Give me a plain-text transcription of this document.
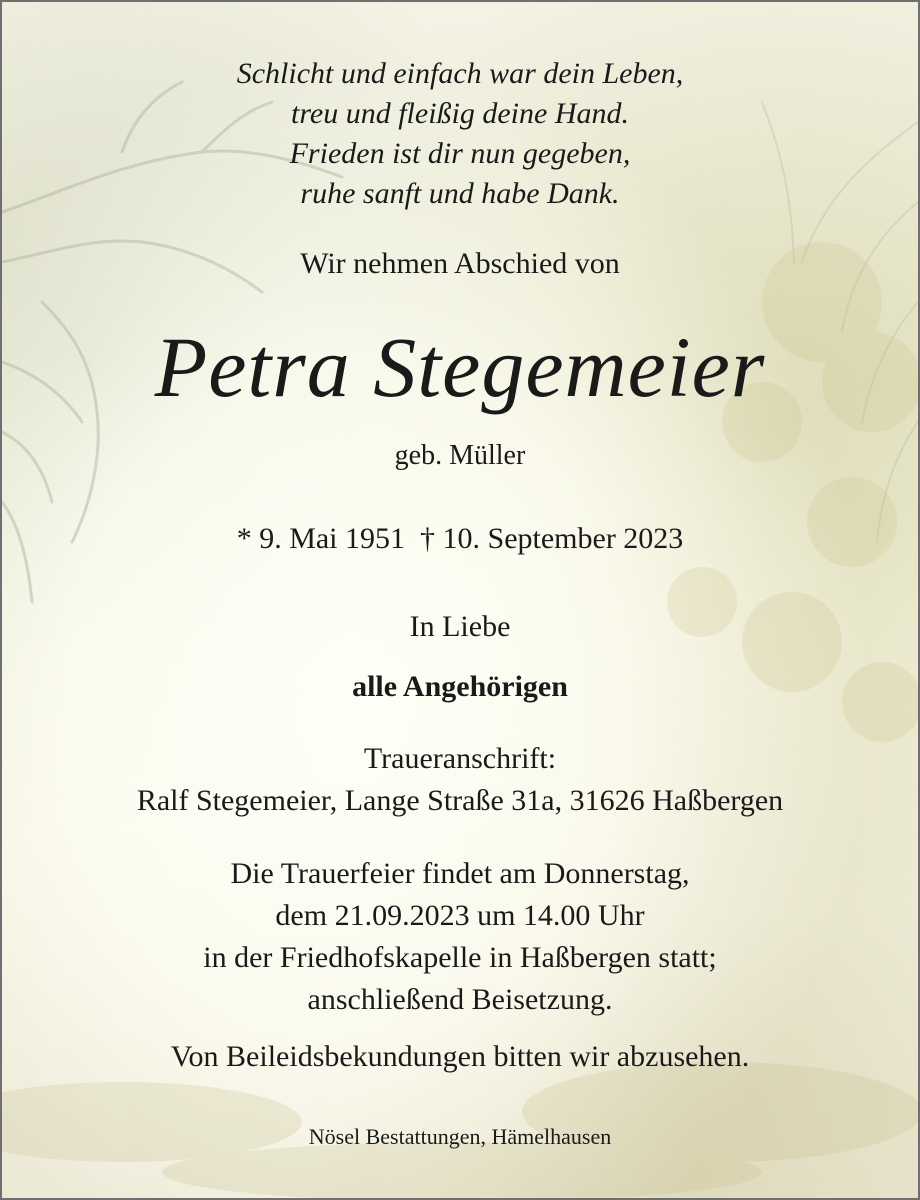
Schlicht und einfach war dein Leben,
treu und fleißig deine Hand.
Frieden ist dir nun gegeben,
ruhe sanft und habe Dank.
Wir nehmen Abschied von
Petra Stegemeier
geb. Müller
* 9. Mai 1951  † 10. September 2023
In Liebe
alle Angehörigen
Traueranschrift:
Ralf Stegemeier, Lange Straße 31a, 31626 Haßbergen
Die Trauerfeier findet am Donnerstag,
dem 21.09.2023 um 14.00 Uhr
in der Friedhofskapelle in Haßbergen statt;
anschließend Beisetzung.
Von Beileidsbekundungen bitten wir abzusehen.
Nösel Bestattungen, Hämelhausen
